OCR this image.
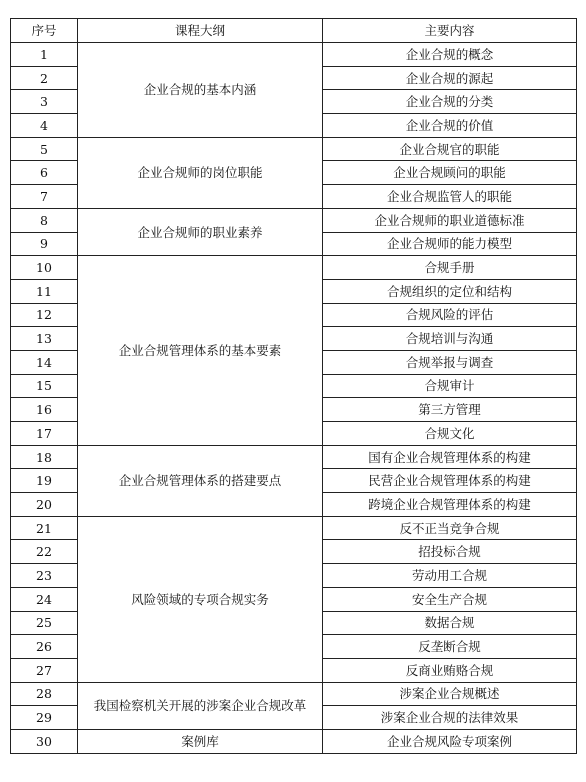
序号	课程大纲	主要内容
1	企业合规的基本内涵	企业合规的概念
2		企业合规的源起
3		企业合规的分类
4		企业合规的价值
5	企业合规师的岗位职能	企业合规官的职能
6		企业合规顾问的职能
7		企业合规监管人的职能
8	企业合规师的职业素养	企业合规师的职业道德标准
9		企业合规师的能力模型
10	企业合规管理体系的基本要素	合规手册
11		合规组织的定位和结构
12		合规风险的评估
13		合规培训与沟通
14		合规举报与调查
15		合规审计
16		第三方管理
17		合规文化
18	企业合规管理体系的搭建要点	国有企业合规管理体系的构建
19		民营企业合规管理体系的构建
20		跨境企业合规管理体系的构建
21	风险领域的专项合规实务	反不正当竞争合规
22		招投标合规
23		劳动用工合规
24		安全生产合规
25		数据合规
26		反垄断合规
27		反商业贿赂合规
28	我国检察机关开展的涉案企业合规改革	涉案企业合规概述
29		涉案企业合规的法律效果
30	案例库	企业合规风险专项案例
